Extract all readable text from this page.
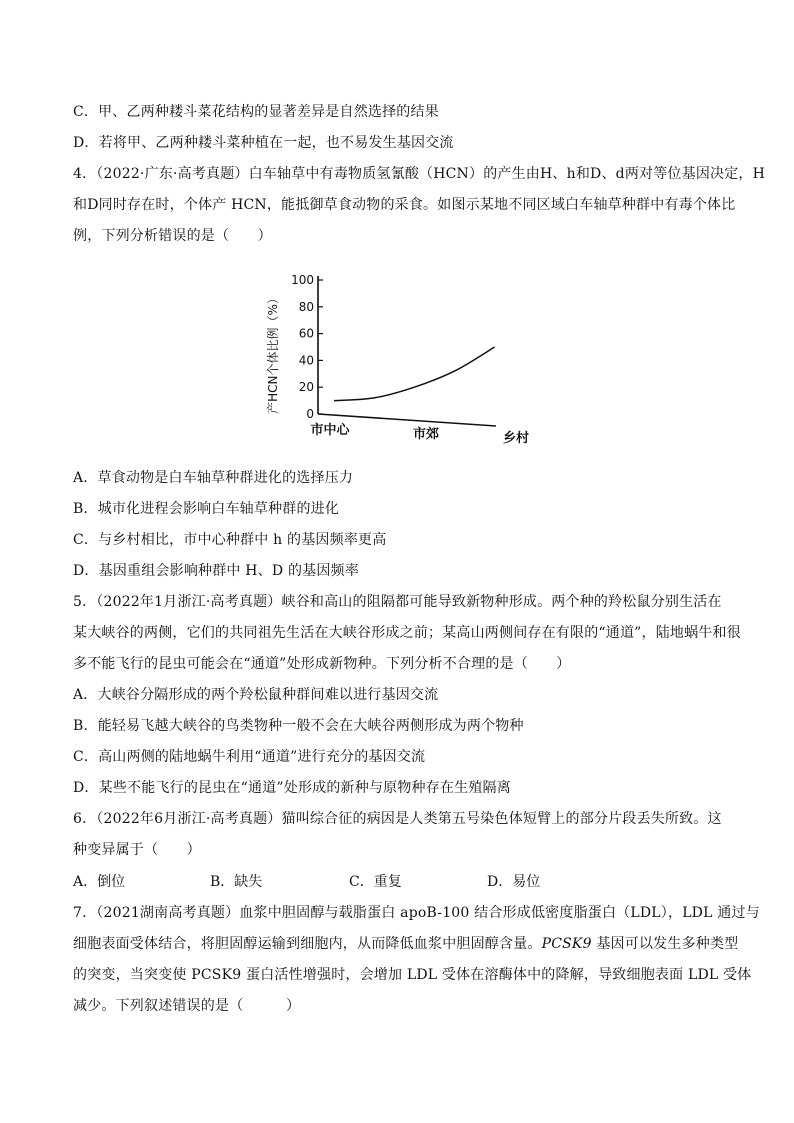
C．甲、乙两种耧斗菜花结构的显著差异是自然选择的结果
D．若将甲、乙两种耧斗菜种植在一起，也不易发生基因交流
4．（2022·广东·高考真题）白车轴草中有毒物质氢氰酸（HCN）的产生由H、h和D、d两对等位基因决定，H
和D同时存在时，个体产 HCN，能抵御草食动物的采食。如图示某地不同区域白车轴草种群中有毒个体比
例，下列分析错误的是（　　）
产HCN个体比例（%）
0
20
40
60
80
100
市中心	市郊	乡村
A．草食动物是白车轴草种群进化的选择压力
B．城市化进程会影响白车轴草种群的进化
C．与乡村相比，市中心种群中 h 的基因频率更高
D．基因重组会影响种群中 H、D 的基因频率
5．（2022年1月浙江·高考真题）峡谷和高山的阻隔都可能导致新物种形成。两个种的羚松鼠分别生活在
某大峡谷的两侧，它们的共同祖先生活在大峡谷形成之前；某高山两侧间存在有限的“通道”，陆地蜗牛和很
多不能飞行的昆虫可能会在“通道”处形成新物种。下列分析不合理的是（　　）
A．大峡谷分隔形成的两个羚松鼠种群间难以进行基因交流
B．能轻易飞越大峡谷的鸟类物种一般不会在大峡谷两侧形成为两个物种
C．高山两侧的陆地蜗牛利用“通道”进行充分的基因交流
D．某些不能飞行的昆虫在“通道”处形成的新种与原物种存在生殖隔离
6．（2022年6月浙江·高考真题）猫叫综合征的病因是人类第五号染色体短臂上的部分片段丢失所致。这
种变异属于（　　）
A．倒位	B．缺失	C．重复	D．易位
7．（2021湖南高考真题）血浆中胆固醇与载脂蛋白 apoB-100 结合形成低密度脂蛋白（LDL），LDL 通过与
细胞表面受体结合，将胆固醇运输到细胞内，从而降低血浆中胆固醇含量。PCSK9 基因可以发生多种类型
的突变，当突变使 PCSK9 蛋白活性增强时，会增加 LDL 受体在溶酶体中的降解，导致细胞表面 LDL 受体
减少。下列叙述错误的是（　　　）
